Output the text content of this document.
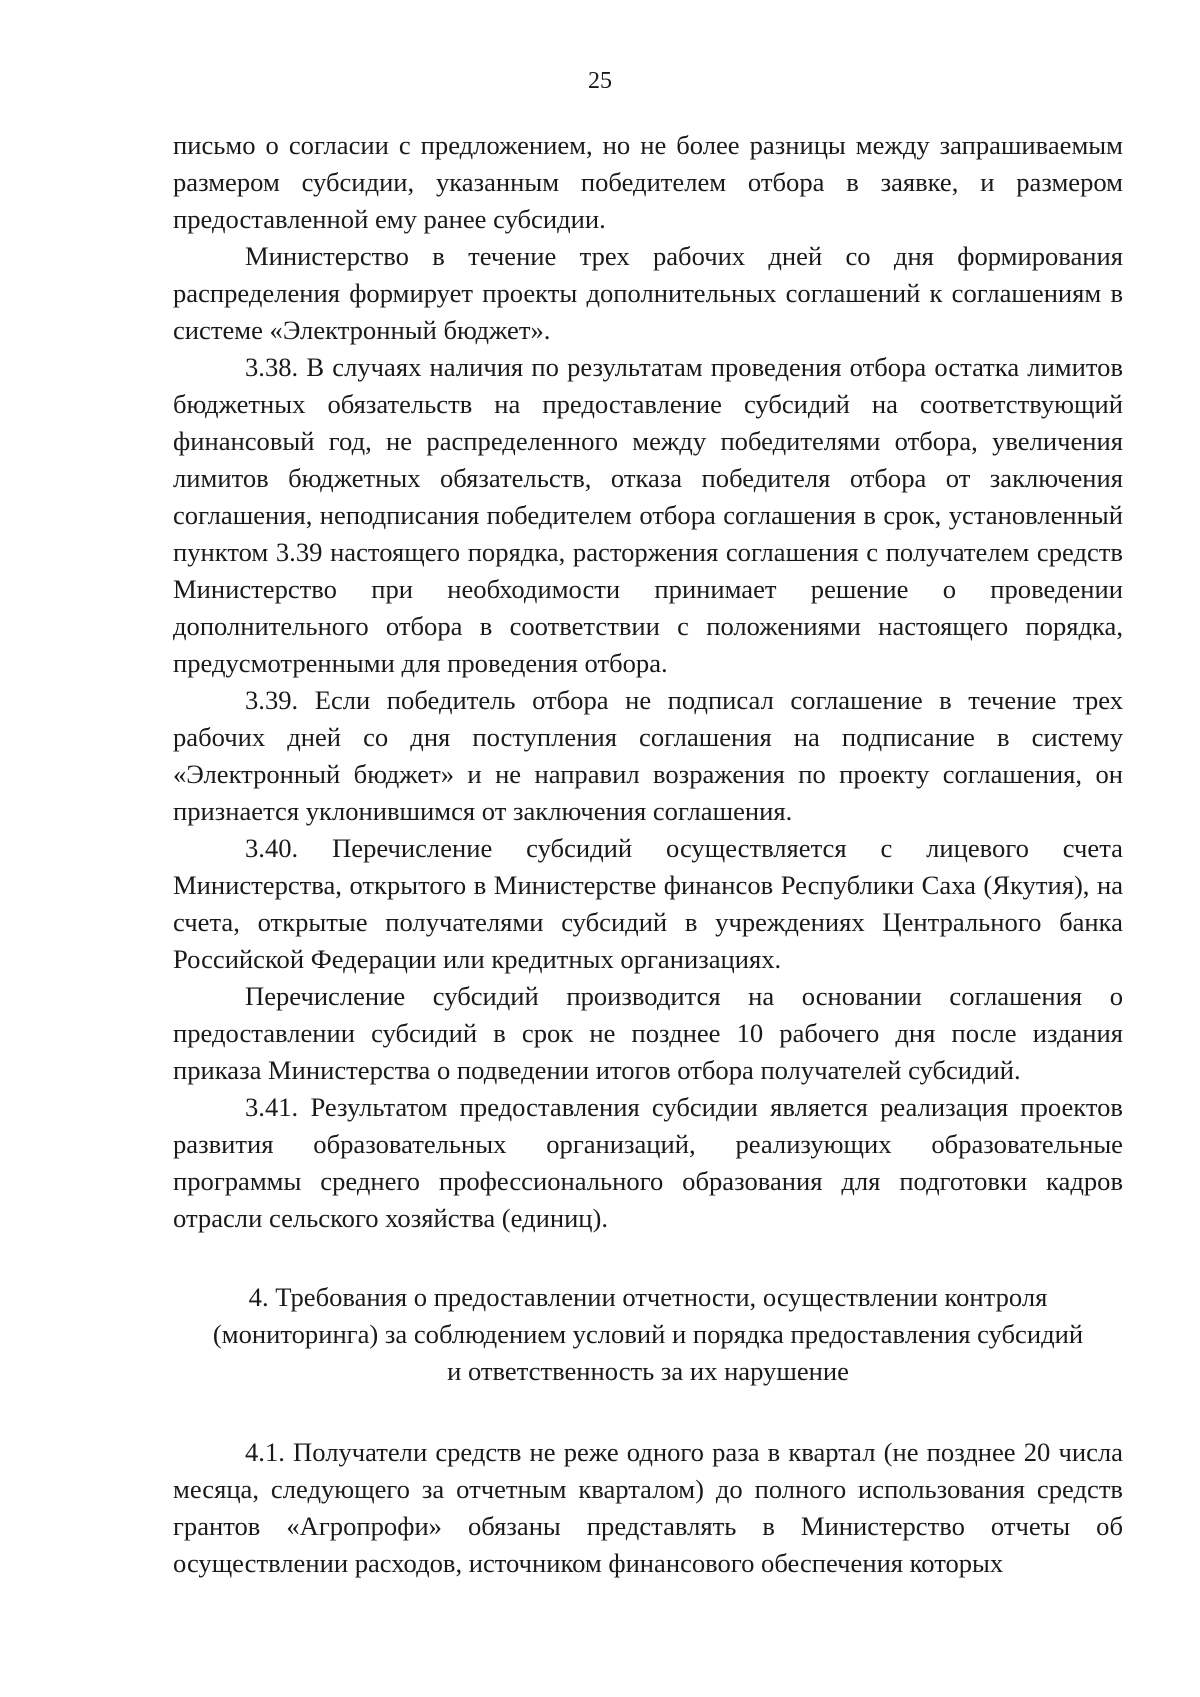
25

письмо о согласии с предложением, но не более разницы между запрашиваемым размером субсидии, указанным победителем отбора в заявке, и размером предоставленной ему ранее субсидии.

Министерство в течение трех рабочих дней со дня формирования распределения формирует проекты дополнительных соглашений к соглашениям в системе «Электронный бюджет».

3.38. В случаях наличия по результатам проведения отбора остатка лимитов бюджетных обязательств на предоставление субсидий на соответствующий финансовый год, не распределенного между победителями отбора, увеличения лимитов бюджетных обязательств, отказа победителя отбора от заключения соглашения, неподписания победителем отбора соглашения в срок, установленный пунктом 3.39 настоящего порядка, расторжения соглашения с получателем средств Министерство при необходимости принимает решение о проведении дополнительного отбора в соответствии с положениями настоящего порядка, предусмотренными для проведения отбора.

3.39. Если победитель отбора не подписал соглашение в течение трех рабочих дней со дня поступления соглашения на подписание в систему «Электронный бюджет» и не направил возражения по проекту соглашения, он признается уклонившимся от заключения соглашения.

3.40. Перечисление субсидий осуществляется с лицевого счета Министерства, открытого в Министерстве финансов Республики Саха (Якутия), на счета, открытые получателями субсидий в учреждениях Центрального банка Российской Федерации или кредитных организациях.

Перечисление субсидий производится на основании соглашения о предоставлении субсидий в срок не позднее 10 рабочего дня после издания приказа Министерства о подведении итогов отбора получателей субсидий.

3.41. Результатом предоставления субсидии является реализация проектов развития образовательных организаций, реализующих образовательные программы среднего профессионального образования для подготовки кадров отрасли сельского хозяйства (единиц).

4. Требования о предоставлении отчетности, осуществлении контроля
(мониторинга) за соблюдением условий и порядка предоставления субсидий
и ответственность за их нарушение

4.1. Получатели средств не реже одного раза в квартал (не позднее 20 числа месяца, следующего за отчетным кварталом) до полного использования средств грантов «Агропрофи» обязаны представлять в Министерство отчеты об осуществлении расходов, источником финансового обеспечения которых
